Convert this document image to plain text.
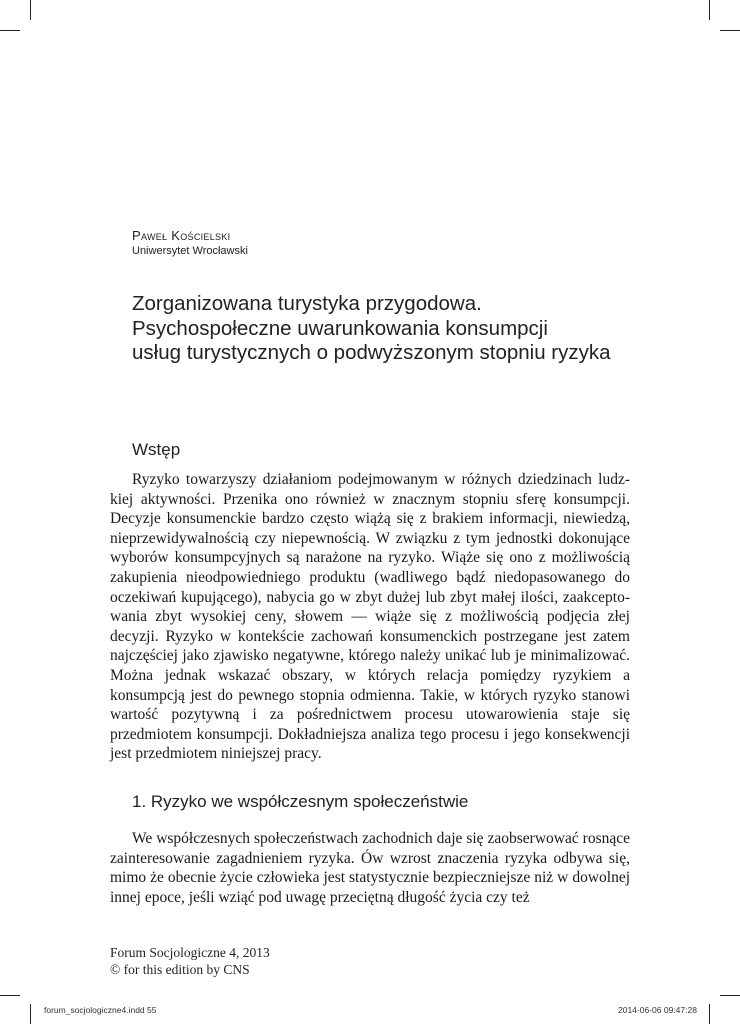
Paweł Kościelski
Uniwersytet Wrocławski
Zorganizowana turystyka przygodowa.
Psychospołeczne uwarunkowania konsumpcji
usług turystycznych o podwyższonym stopniu ryzyka
Wstęp

Ryzyko towarzyszy działaniom podejmowanym w różnych dziedzinach ludzkiej aktywności. Przenika ono również w znacznym stopniu sferę konsumpcji. Decyzje konsumenckie bardzo często wiążą się z brakiem informacji, niewiedzą, nieprzewidywalnością czy niepewnością. W związku z tym jednostki dokonujące wyborów konsumpcyjnych są narażone na ryzyko. Wiąże się ono z możliwością zakupienia nieodpowiedniego produktu (wadliwego bądź niedopasowanego do oczekiwań kupującego), nabycia go w zbyt dużej lub zbyt małej ilości, zaakceptowania zbyt wysokiej ceny, słowem — wiąże się z możliwością podjęcia złej decyzji. Ryzyko w kontekście zachowań konsumenckich postrzegane jest zatem najczęściej jako zjawisko negatywne, którego należy unikać lub je minimalizować. Można jednak wskazać obszary, w których relacja pomiędzy ryzykiem a konsumpcją jest do pewnego stopnia odmienna. Takie, w których ryzyko stanowi wartość pozytywną i za pośrednictwem procesu utowarowienia staje się przedmiotem konsumpcji. Dokładniejsza analiza tego procesu i jego konsekwencji jest przedmiotem niniejszej pracy.

1. Ryzyko we współczesnym społeczeństwie

We współczesnych społeczeństwach zachodnich daje się zaobserwować rosnące zainteresowanie zagadnieniem ryzyka. Ów wzrost znaczenia ryzyka odbywa się, mimo że obecnie życie człowieka jest statystycznie bezpieczniejsze niż w dowolnej innej epoce, jeśli wziąć pod uwagę przeciętną długość życia czy też

Forum Socjologiczne 4, 2013
© for this edition by CNS
forum_socjologiczne4.indd 55	2014-06-06 09:47:28
